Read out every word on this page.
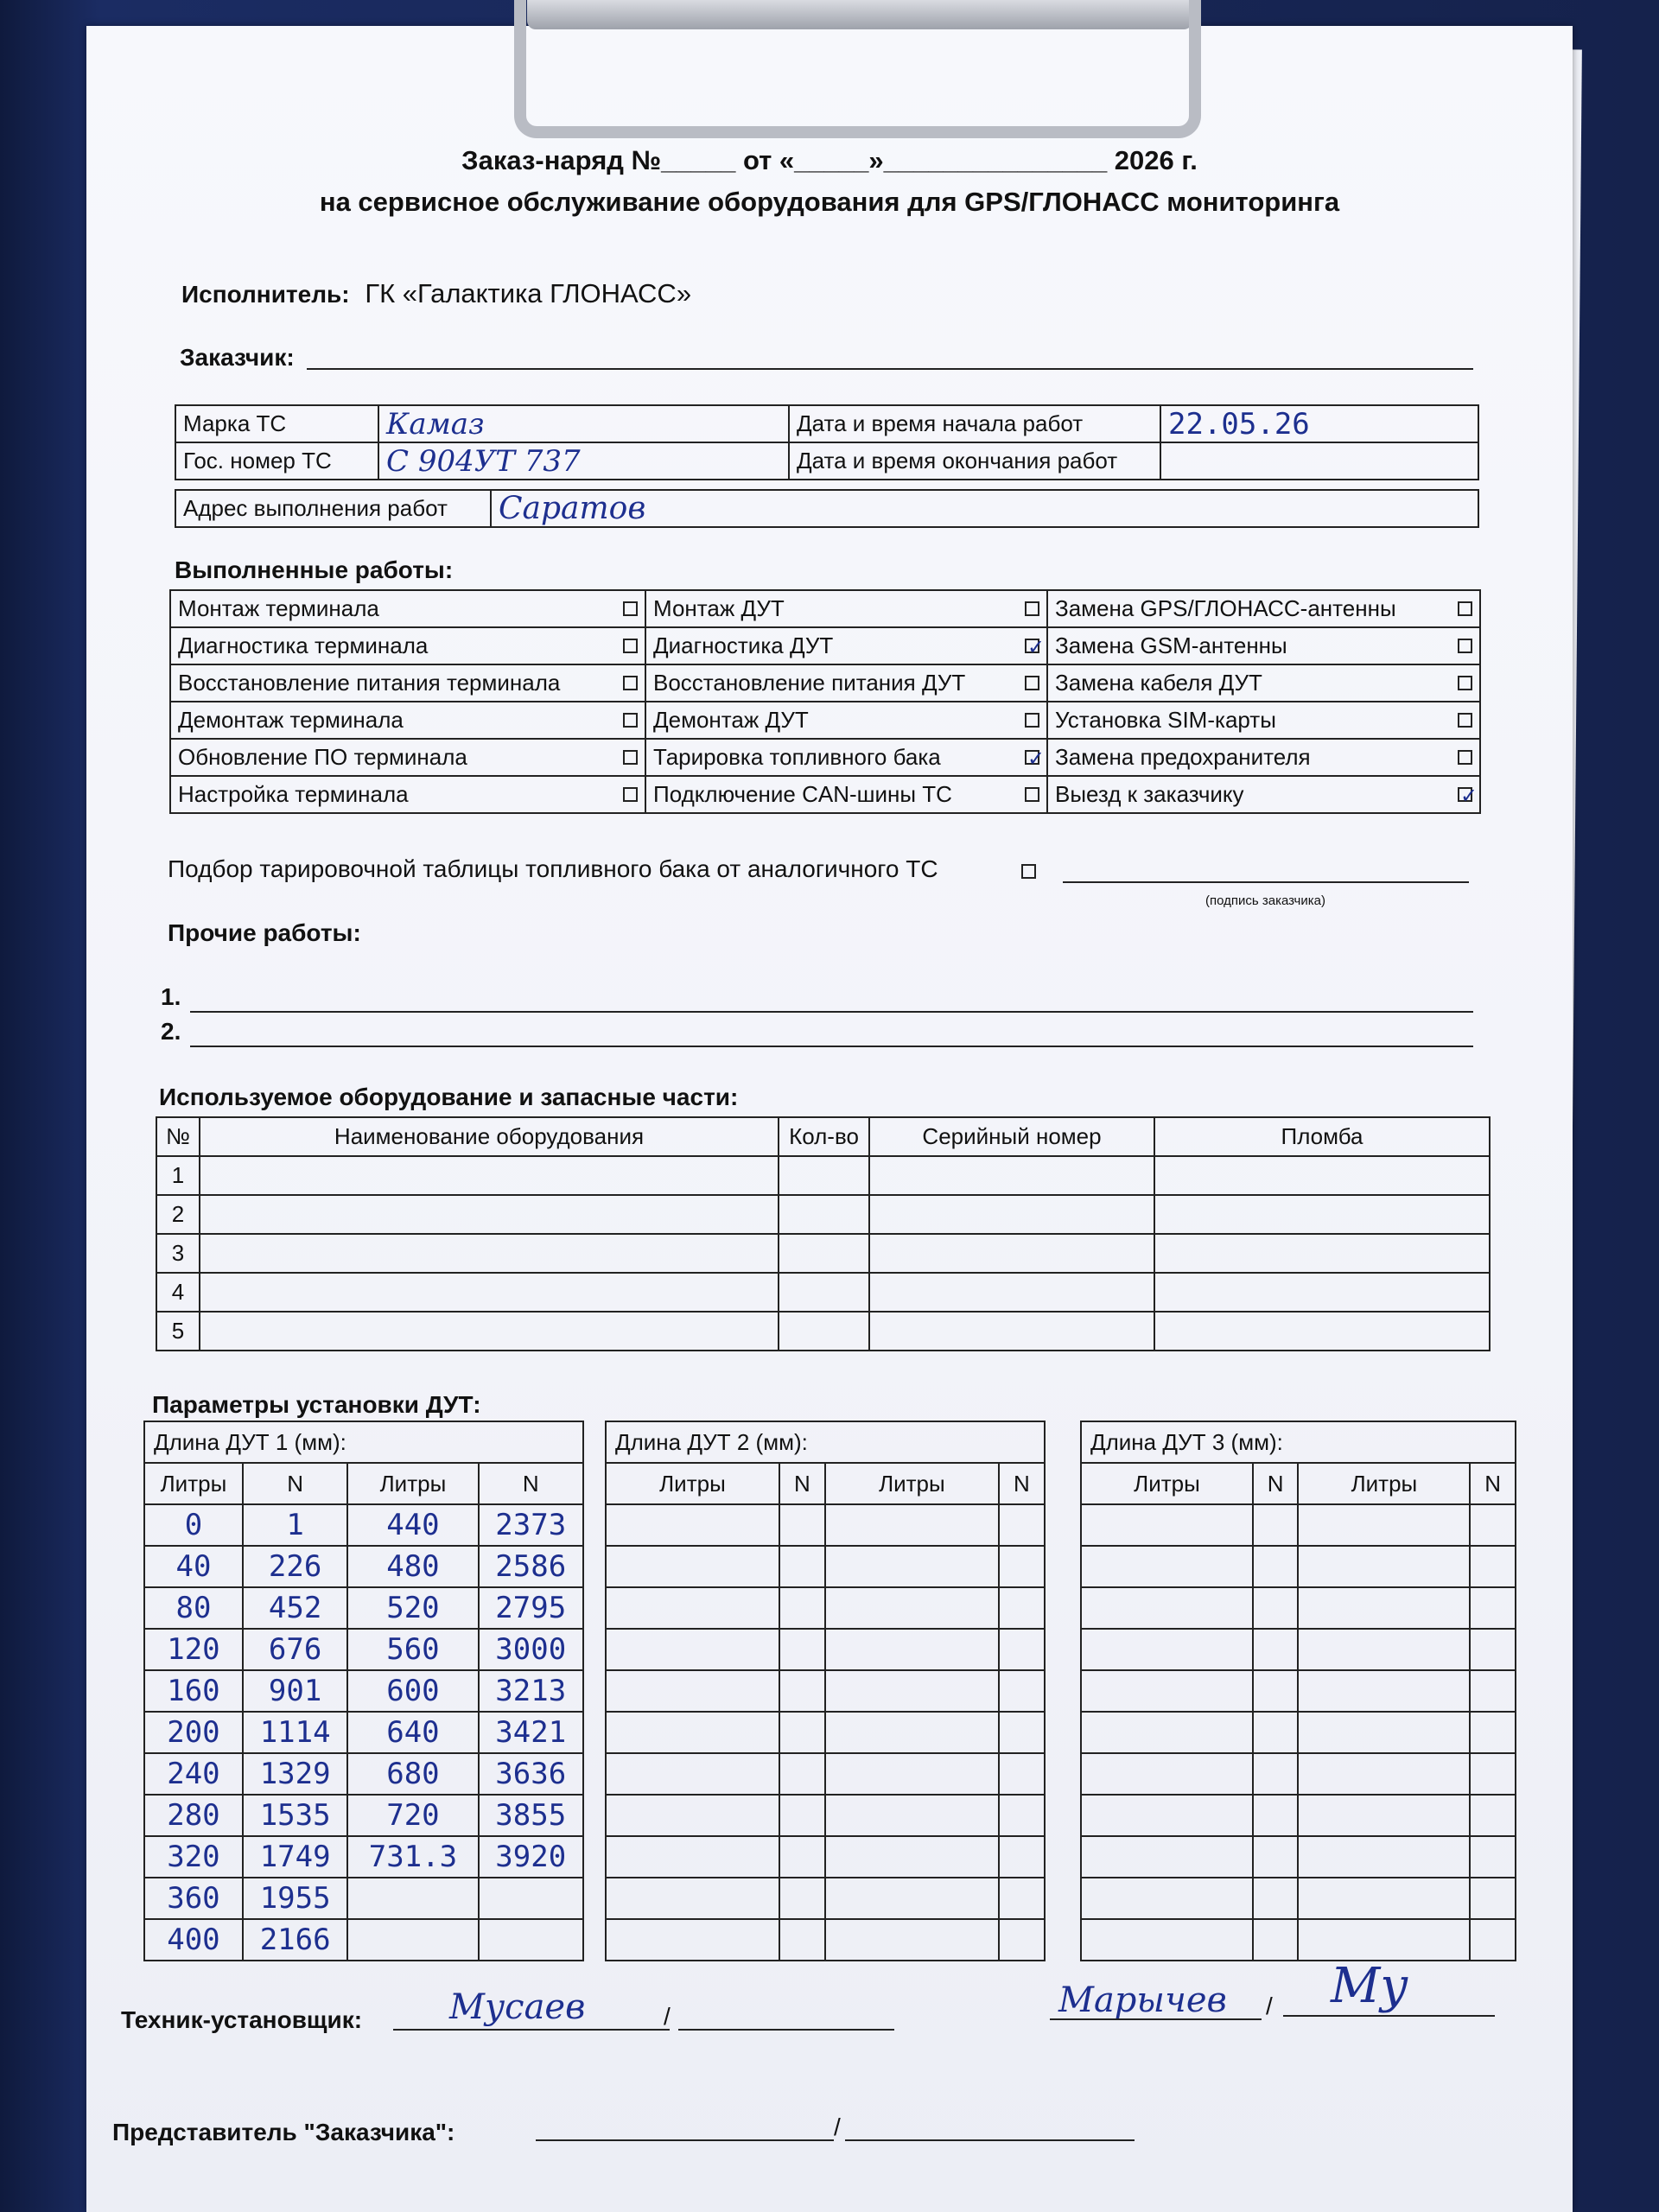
Заказ-наряд №_____ от «_____»_______________ 2026 г.
на сервисное обслуживание оборудования для GPS/ГЛОНАСС мониторинга
Исполнитель: ГК «Галактика ГЛОНАСС»
Заказчик:
Марка ТС	Камаз	Дата и время начала работ	22.05.26
Гос. номер ТС	С 904УТ 737	Дата и время окончания работ	
Адрес выполнения работ	Саратов
Выполненные работы:
Монтаж терминала	Монтаж ДУТ	Замена GPS/ГЛОНАСС-антенны

Диагностика терминала	Диагностика ДУТ ✓	Замена GSM-антенны

Восстановление питания терминала	Восстановление питания ДУТ	Замена кабеля ДУТ

Демонтаж терминала	Демонтаж ДУТ	Установка SIM-карты

Обновление ПО терминала	Тарировка топливного бака ✓	Замена предохранителя

Настройка терминала	Подключение CAN-шины ТС	Выезд к заказчику ✓
Подбор тарировочной таблицы топливного бака от аналогичного ТС
(подпись заказчика)
Прочие работы:
1.
2.
Используемое оборудование и запасные части:
№	Наименование оборудования	Кол-во	Серийный номер	Пломба
1				
2				
3				
4				
5				
Параметры установки ДУТ:
Длина ДУТ 1 (мм):			
Литры	N	Литры	N
0	1	440	2373
40	226	480	2586
80	452	520	2795
120	676	560	3000
160	901	600	3213
200	1114	640	3421
240	1329	680	3636
280	1535	720	3855
320	1749	731.3	3920
360	1955		
400	2166		
Длина ДУТ 2 (мм):			
Литры	N	Литры	N

Длина ДУТ 3 (мм):			
Литры	N	Литры	N

Техник-установщик:	Мусаев	/	Марычев / Му
Представитель "Заказчика":	/
